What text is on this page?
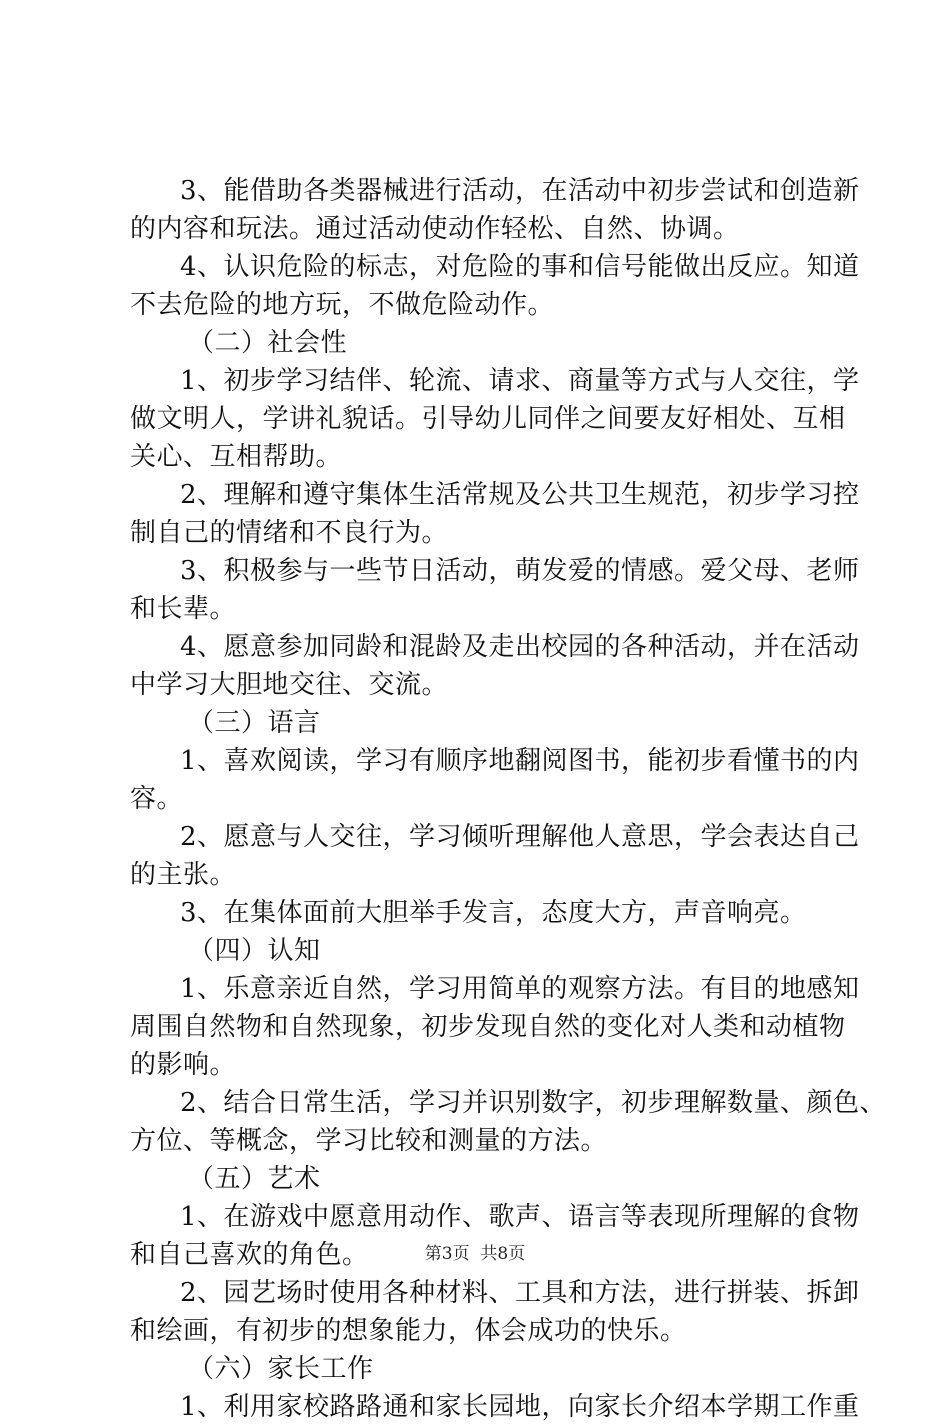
3、能借助各类器械进行活动，在活动中初步尝试和创造新
的内容和玩法。通过活动使动作轻松、自然、协调。
4、认识危险的标志，对危险的事和信号能做出反应。知道
不去危险的地方玩，不做危险动作。
（二）社会性
1、初步学习结伴、轮流、请求、商量等方式与人交往，学
做文明人，学讲礼貌话。引导幼儿同伴之间要友好相处、互相
关心、互相帮助。
2、理解和遵守集体生活常规及公共卫生规范，初步学习控
制自己的情绪和不良行为。
3、积极参与一些节日活动，萌发爱的情感。爱父母、老师
和长辈。
4、愿意参加同龄和混龄及走出校园的各种活动，并在活动
中学习大胆地交往、交流。
（三）语言
1、喜欢阅读，学习有顺序地翻阅图书，能初步看懂书的内
容。
2、愿意与人交往，学习倾听理解他人意思，学会表达自己
的主张。
3、在集体面前大胆举手发言，态度大方，声音响亮。
（四）认知
1、乐意亲近自然，学习用简单的观察方法。有目的地感知
周围自然物和自然现象，初步发现自然的变化对人类和动植物
的影响。
2、结合日常生活，学习并识别数字，初步理解数量、颜色、
方位、等概念，学习比较和测量的方法。
（五）艺术
1、在游戏中愿意用动作、歌声、语言等表现所理解的食物
和自己喜欢的角色。
2、园艺场时使用各种材料、工具和方法，进行拼装、拆卸
和绘画，有初步的想象能力，体会成功的快乐。
（六）家长工作
1、利用家校路路通和家长园地，向家长介绍本学期工作重
第3页  共8页
